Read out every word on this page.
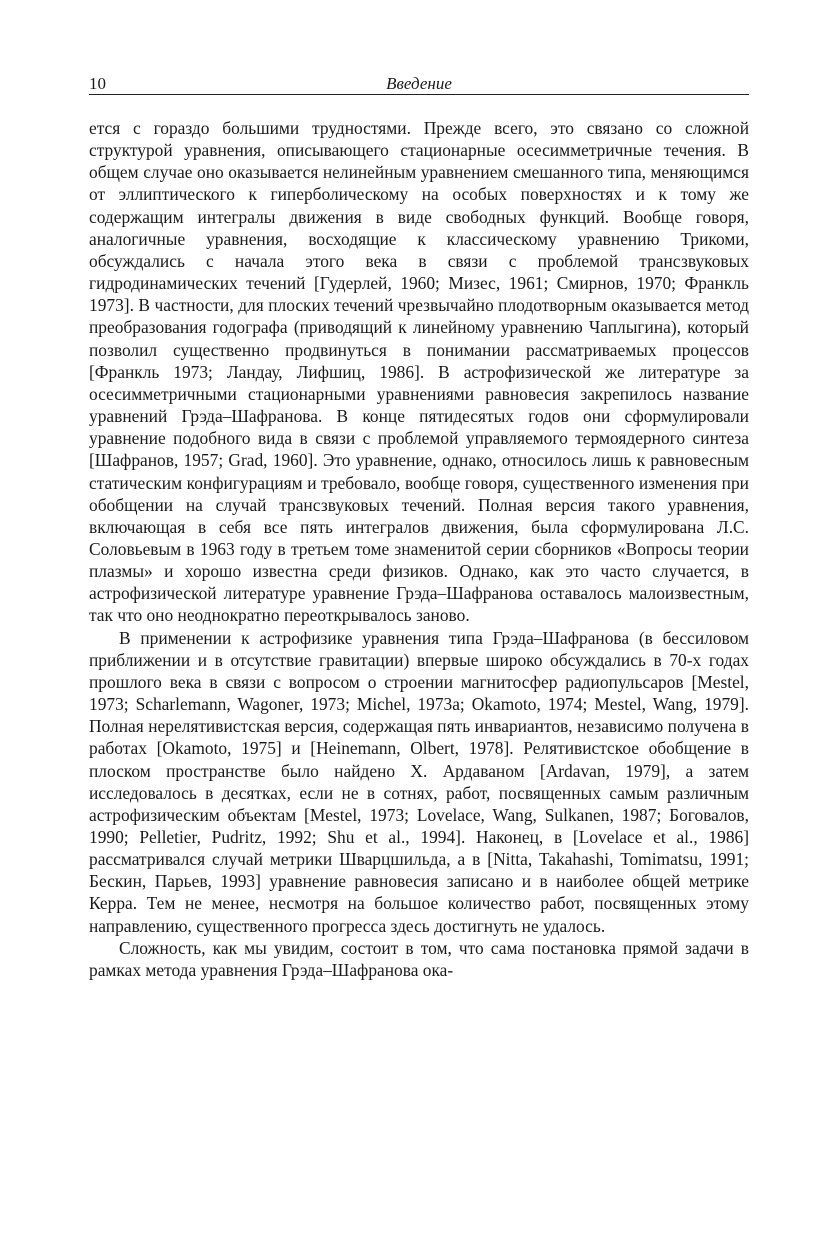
10	Введение

ется с гораздо большими трудностями. Прежде всего, это связано со сложной структурой уравнения, описывающего стационарные осесимметричные течения. В общем случае оно оказывается нелинейным уравнением смешанного типа, меняющимся от эллиптического к гиперболическому на особых поверхностях и к тому же содержащим интегралы движения в виде свободных функций. Вообще говоря, аналогичные уравнения, восходящие к классическому уравнению Трикоми, обсуждались с начала этого века в связи с проблемой трансзвуковых гидродинамических течений [Гудерлей, 1960; Мизес, 1961; Смирнов, 1970; Франкль 1973]. В частности, для плоских течений чрезвычайно плодотворным оказывается метод преобразования годографа (приводящий к линейному уравнению Чаплыгина), который позволил существенно продвинуться в понимании рассматриваемых процессов [Франкль 1973; Ландау, Лифшиц, 1986]. В астрофизической же литературе за осесимметричными стационарными уравнениями равновесия закрепилось название уравнений Грэда–Шафранова. В конце пятидесятых годов они сформулировали уравнение подобного вида в связи с проблемой управляемого термоядерного синтеза [Шафранов, 1957; Grad, 1960]. Это уравнение, однако, относилось лишь к равновесным статическим конфигурациям и требовало, вообще говоря, существенного изменения при обобщении на случай трансзвуковых течений. Полная версия такого уравнения, включающая в себя все пять интегралов движения, была сформулирована Л.С. Соловьевым в 1963 году в третьем томе знаменитой серии сборников «Вопросы теории плазмы» и хорошо известна среди физиков. Однако, как это часто случается, в астрофизической литературе уравнение Грэда–Шафранова оставалось малоизвестным, так что оно неоднократно переоткрывалось заново.

В применении к астрофизике уравнения типа Грэда–Шафранова (в бессиловом приближении и в отсутствие гравитации) впервые широко обсуждались в 70-х годах прошлого века в связи с вопросом о строении магнитосфер радиопульсаров [Mestel, 1973; Scharlemann, Wagoner, 1973; Michel, 1973a; Okamoto, 1974; Mestel, Wang, 1979]. Полная нерелятивистская версия, содержащая пять инвариантов, независимо получена в работах [Okamoto, 1975] и [Heinemann, Olbert, 1978]. Релятивистское обобщение в плоском пространстве было найдено Х. Ардаваном [Ardavan, 1979], а затем исследовалось в десятках, если не в сотнях, работ, посвященных самым различным астрофизическим объектам [Mestel, 1973; Lovelace, Wang, Sulkanen, 1987; Боговалов, 1990; Pelletier, Pudritz, 1992; Shu et al., 1994]. Наконец, в [Lovelace et al., 1986] рассматривался случай метрики Шварцшильда, а в [Nitta, Takahashi, Tomimatsu, 1991; Бескин, Парьев, 1993] уравнение равновесия записано и в наиболее общей метрике Керра. Тем не менее, несмотря на большое количество работ, посвященных этому направлению, существенного прогресса здесь достигнуть не удалось.

Сложность, как мы увидим, состоит в том, что сама постановка прямой задачи в рамках метода уравнения Грэда–Шафранова ока-
